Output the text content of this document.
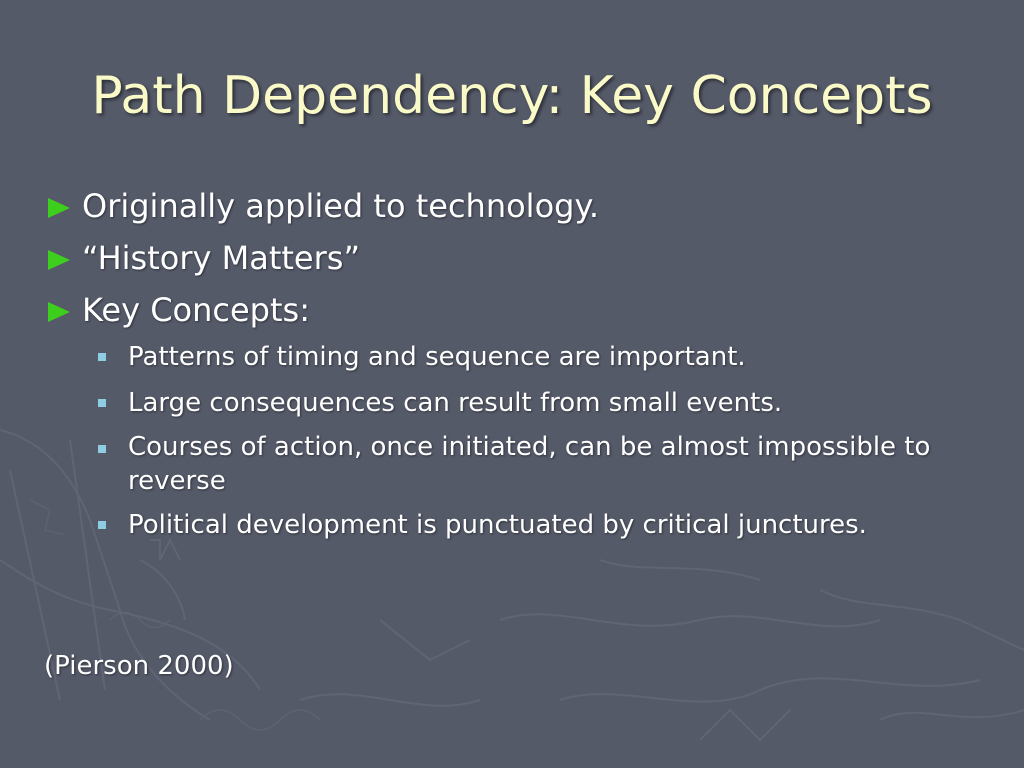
Path Dependency: Key Concepts
Originally applied to technology.
“History Matters”
Key Concepts:
Patterns of timing and sequence are important.
Large consequences can result from small events.
Courses of action, once initiated, can be almost impossible to reverse
Political development is punctuated by critical junctures.
(Pierson 2000)
